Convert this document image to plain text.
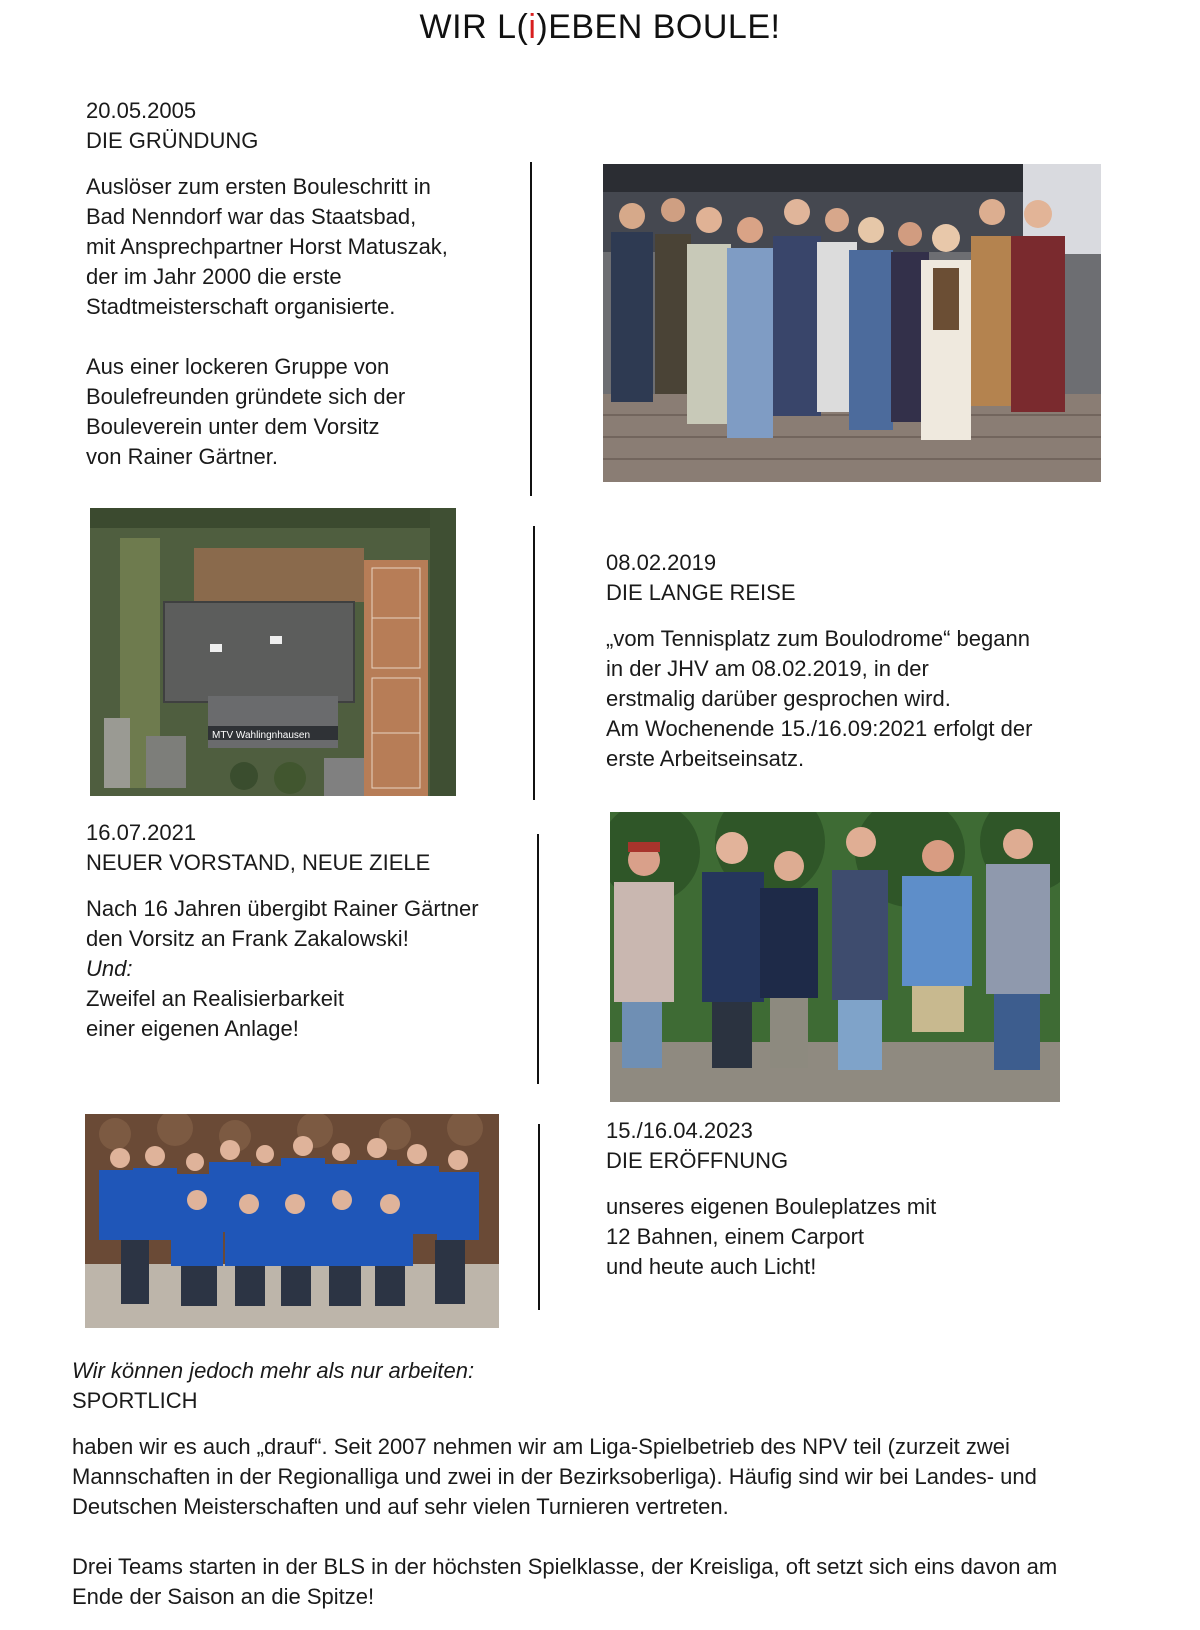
WIR L(i)EBEN BOULE!
20.05.2005
DIE GRÜNDUNG
Auslöser zum ersten Bouleschritt in
Bad Nenndorf war das Staatsbad,
mit Ansprechpartner Horst Matuszak,
der im Jahr 2000 die erste
Stadtmeisterschaft organisierte.
Aus einer lockeren Gruppe von
Boulefreunden gründete sich der
Bouleverein unter dem Vorsitz
von Rainer Gärtner.
MTV Wahlingnhausen
08.02.2019
DIE LANGE REISE
„vom Tennisplatz zum Boulodrome“ begann
in der JHV am 08.02.2019, in der
erstmalig darüber gesprochen wird.
Am Wochenende 15./16.09:2021 erfolgt der
erste Arbeitseinsatz.
16.07.2021
NEUER VORSTAND, NEUE ZIELE
Nach 16 Jahren übergibt Rainer Gärtner
den Vorsitz an Frank Zakalowski!
Und:
Zweifel an Realisierbarkeit
einer eigenen Anlage!
15./16.04.2023
DIE ERÖFFNUNG
unseres eigenen Bouleplatzes mit
12 Bahnen, einem Carport
und heute auch Licht!
Wir können jedoch mehr als nur arbeiten:
SPORTLICH
haben wir es auch „drauf“. Seit 2007 nehmen wir am Liga-Spielbetrieb des NPV teil (zurzeit zwei
Mannschaften in der Regionalliga und zwei in der Bezirksoberliga). Häufig sind wir bei Landes- und
Deutschen Meisterschaften und auf sehr vielen Turnieren vertreten.
Drei Teams starten in der BLS in der höchsten Spielklasse, der Kreisliga, oft setzt sich eins davon am
Ende der Saison an die Spitze!
